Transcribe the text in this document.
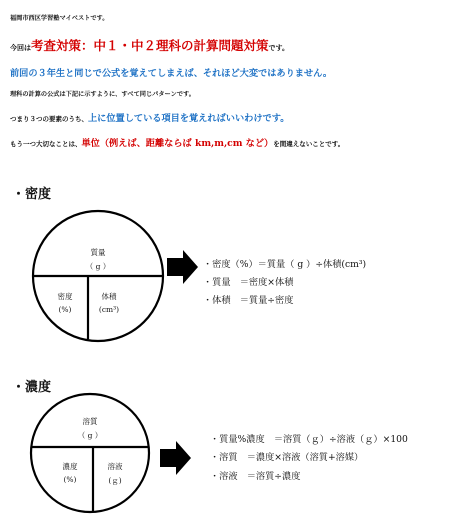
福岡市西区学習塾マイベストです。
今回は考査対策：中１・中２理科の計算問題対策です。
前回の３年生と同じで公式を覚えてしまえば、それほど大変ではありません。
理科の計算の公式は下記に示すように、すべて同じパターンです。
つまり３つの要素のうち、上に位置している項目を覚えればいいわけです。
もう一つ大切なことは、単位（例えば、距離ならば km,m,cm など）を間違えないことです。
・密度
質量
（ g ）
密度
(%)
体積
(cm³)
・密度（%）＝質量（ g ）÷体積(cm³)
・質量　＝密度×体積
・体積　＝質量÷密度
・濃度
溶質
（ g ）
濃度
(%)
溶液
(ｇ)
・質量%濃度　＝溶質（ｇ）÷溶液（ｇ）×100
・溶質　＝濃度×溶液（溶質+溶媒）
・溶液　＝溶質÷濃度
